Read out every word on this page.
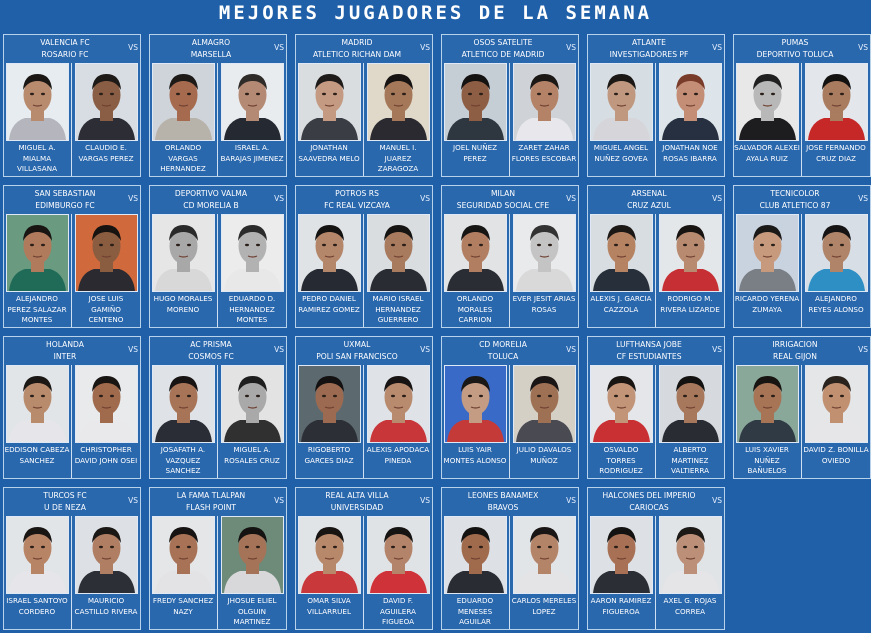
MEJORES JUGADORES DE LA SEMANA
VALENCIA FC
ROSARIO FC
VS
MIGUEL A. MIALMA VILLASANA
CLAUDIO E. VARGAS PEREZ
ALMAGRO
MARSELLA
VS
ORLANDO VARGAS HERNANDEZ
ISRAEL A. BARAJAS JIMENEZ
MADRID
ATLETICO RICHAN DAM
VS
JONATHAN SAAVEDRA MELO
MANUEL I. JUAREZ ZARAGOZA
OSOS SATELITE
ATLETICO DE MADRID
VS
JOEL NUÑEZ PEREZ
ZARET ZAHAR FLORES ESCOBAR
ATLANTE
INVESTIGADORES PF
VS
MIGUEL ANGEL NUÑEZ GOVEA
JONATHAN NOE ROSAS IBARRA
PUMAS
DEPORTIVO TOLUCA
VS
SALVADOR ALEXEI AYALA RUIZ
JOSE FERNANDO CRUZ DIAZ
SAN SEBASTIAN
EDIMBURGO FC
VS
ALEJANDRO PEREZ SALAZAR MONTES
JOSE LUIS GAMIÑO CENTENO
DEPORTIVO VALMA
CD MORELIA B
VS
HUGO MORALES MORENO
EDUARDO D. HERNANDEZ MONTES
POTROS RS
FC REAL VIZCAYA
VS
PEDRO DANIEL RAMIREZ GOMEZ
MARIO ISRAEL HERNANDEZ GUERRERO
MILAN
SEGURIDAD SOCIAL CFE
VS
ORLANDO MORALES CARRION
EVER JESIT ARIAS ROSAS
ARSENAL
CRUZ AZUL
VS
ALEXIS J. GARCIA CAZZOLA
RODRIGO M. RIVERA LIZARDE
TECNICOLOR
CLUB ATLETICO 87
VS
RICARDO YERENA ZUMAYA
ALEJANDRO REYES ALONSO
HOLANDA
INTER
VS
EDDISON CABEZA SANCHEZ
CHRISTOPHER DAVID JOHN OSEI
AC PRISMA
COSMOS FC
VS
JOSAFATH A. VAZQUEZ SANCHEZ
MIGUEL A. ROSALES CRUZ
UXMAL
POLI SAN FRANCISCO
VS
RIGOBERTO GARCES DIAZ
ALEXIS APODACA PINEDA
CD MORELIA
TOLUCA
VS
LUIS YAIR MONTES ALONSO
JULIO DAVALOS MUÑOZ
LUFTHANSA JOBE
CF ESTUDIANTES
VS
OSVALDO TORRES RODRIGUEZ
ALBERTO MARTINEZ VALTIERRA
IRRIGACION
REAL GIJON
VS
LUIS XAVIER NUÑEZ BAÑUELOS
DAVID Z. BONILLA OVIEDO
TURCOS FC
U DE NEZA
VS
ISRAEL SANTOYO CORDERO
MAURICIO CASTILLO RIVERA
LA FAMA TLALPAN
FLASH POINT
VS
FREDY SANCHEZ NAZY
JHOSUE ELIEL OLGUIN MARTINEZ
REAL ALTA VILLA
UNIVERSIDAD
VS
OMAR SILVA VILLARRUEL
DAVID F. AGUILERA FIGUEOA
LEONES BANAMEX
BRAVOS
VS
EDUARDO MENESES AGUILAR
CARLOS MERELES LOPEZ
HALCONES DEL IMPERIO
CARIOCAS
VS
AARON RAMIREZ FIGUEROA
AXEL G. ROJAS CORREA
